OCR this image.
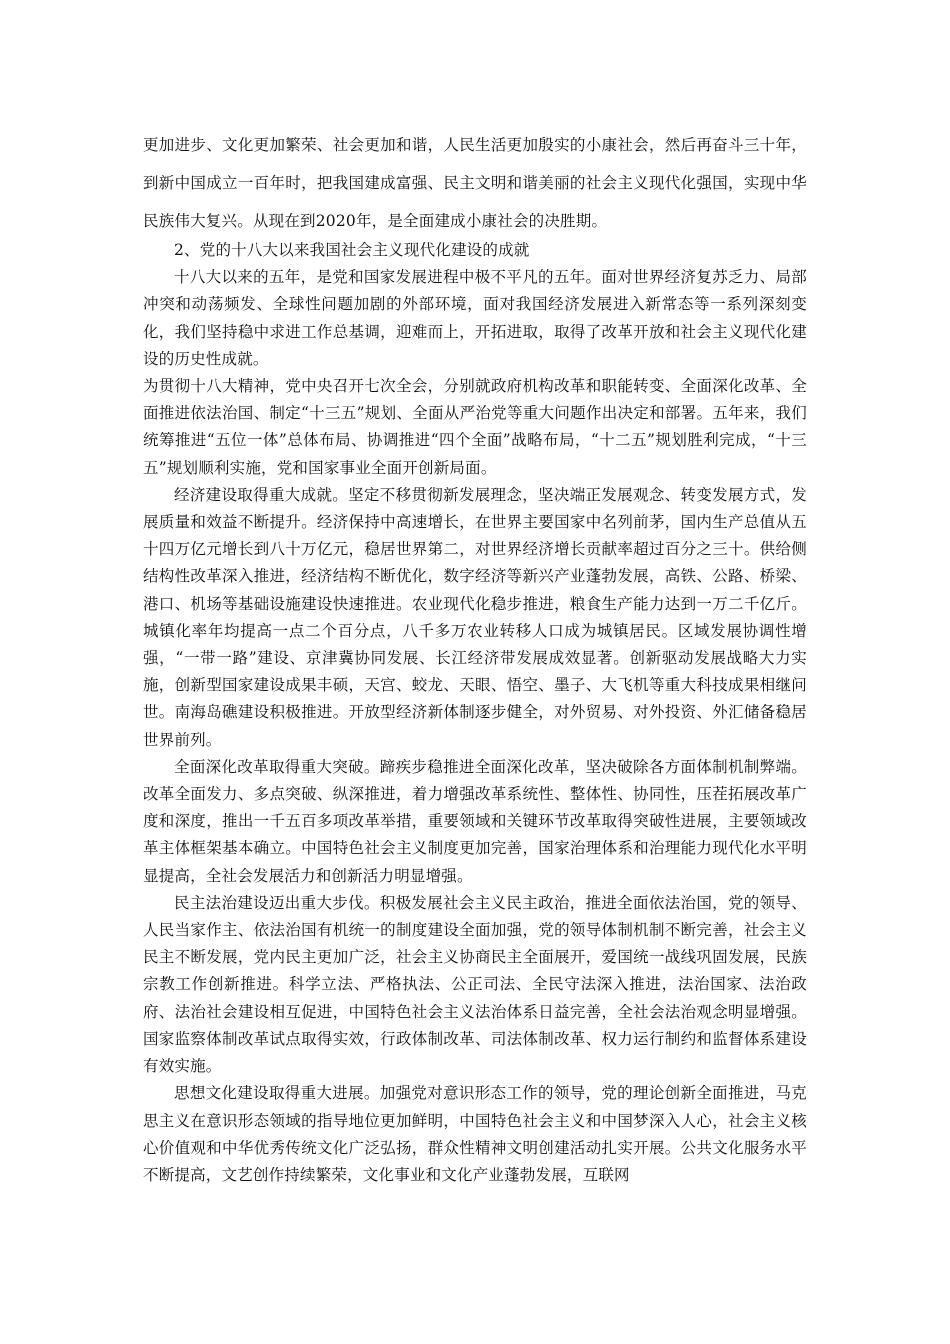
更加进步、文化更加繁荣、社会更加和谐，人民生活更加殷实的小康社会，然后再奋斗三十年，到新中国成立一百年时，把我国建成富强、民主文明和谐美丽的社会主义现代化强国，实现中华民族伟大复兴。从现在到2020年，是全面建成小康社会的决胜期。

2、党的十八大以来我国社会主义现代化建设的成就

十八大以来的五年，是党和国家发展进程中极不平凡的五年。面对世界经济复苏乏力、局部冲突和动荡频发、全球性问题加剧的外部环境，面对我国经济发展进入新常态等一系列深刻变化，我们坚持稳中求进工作总基调，迎难而上，开拓进取，取得了改革开放和社会主义现代化建设的历史性成就。

为贯彻十八大精神，党中央召开七次全会，分别就政府机构改革和职能转变、全面深化改革、全面推进依法治国、制定“十三五”规划、全面从严治党等重大问题作出决定和部署。五年来，我们统筹推进“五位一体”总体布局、协调推进“四个全面”战略布局，“十二五”规划胜利完成，“十三五”规划顺利实施，党和国家事业全面开创新局面。

经济建设取得重大成就。坚定不移贯彻新发展理念，坚决端正发展观念、转变发展方式，发展质量和效益不断提升。经济保持中高速增长，在世界主要国家中名列前茅，国内生产总值从五十四万亿元增长到八十万亿元，稳居世界第二，对世界经济增长贡献率超过百分之三十。供给侧结构性改革深入推进，经济结构不断优化，数字经济等新兴产业蓬勃发展，高铁、公路、桥梁、港口、机场等基础设施建设快速推进。农业现代化稳步推进，粮食生产能力达到一万二千亿斤。城镇化率年均提高一点二个百分点，八千多万农业转移人口成为城镇居民。区域发展协调性增强，“一带一路”建设、京津冀协同发展、长江经济带发展成效显著。创新驱动发展战略大力实施，创新型国家建设成果丰硕，天宫、蛟龙、天眼、悟空、墨子、大飞机等重大科技成果相继问世。南海岛礁建设积极推进。开放型经济新体制逐步健全，对外贸易、对外投资、外汇储备稳居世界前列。

全面深化改革取得重大突破。蹄疾步稳推进全面深化改革，坚决破除各方面体制机制弊端。改革全面发力、多点突破、纵深推进，着力增强改革系统性、整体性、协同性，压茬拓展改革广度和深度，推出一千五百多项改革举措，重要领域和关键环节改革取得突破性进展，主要领域改革主体框架基本确立。中国特色社会主义制度更加完善，国家治理体系和治理能力现代化水平明显提高，全社会发展活力和创新活力明显增强。

民主法治建设迈出重大步伐。积极发展社会主义民主政治，推进全面依法治国，党的领导、人民当家作主、依法治国有机统一的制度建设全面加强，党的领导体制机制不断完善，社会主义民主不断发展，党内民主更加广泛，社会主义协商民主全面展开，爱国统一战线巩固发展，民族宗教工作创新推进。科学立法、严格执法、公正司法、全民守法深入推进，法治国家、法治政府、法治社会建设相互促进，中国特色社会主义法治体系日益完善，全社会法治观念明显增强。国家监察体制改革试点取得实效，行政体制改革、司法体制改革、权力运行制约和监督体系建设有效实施。

思想文化建设取得重大进展。加强党对意识形态工作的领导，党的理论创新全面推进，马克思主义在意识形态领域的指导地位更加鲜明，中国特色社会主义和中国梦深入人心，社会主义核心价值观和中华优秀传统文化广泛弘扬，群众性精神文明创建活动扎实开展。公共文化服务水平不断提高，文艺创作持续繁荣，文化事业和文化产业蓬勃发展，互联网
